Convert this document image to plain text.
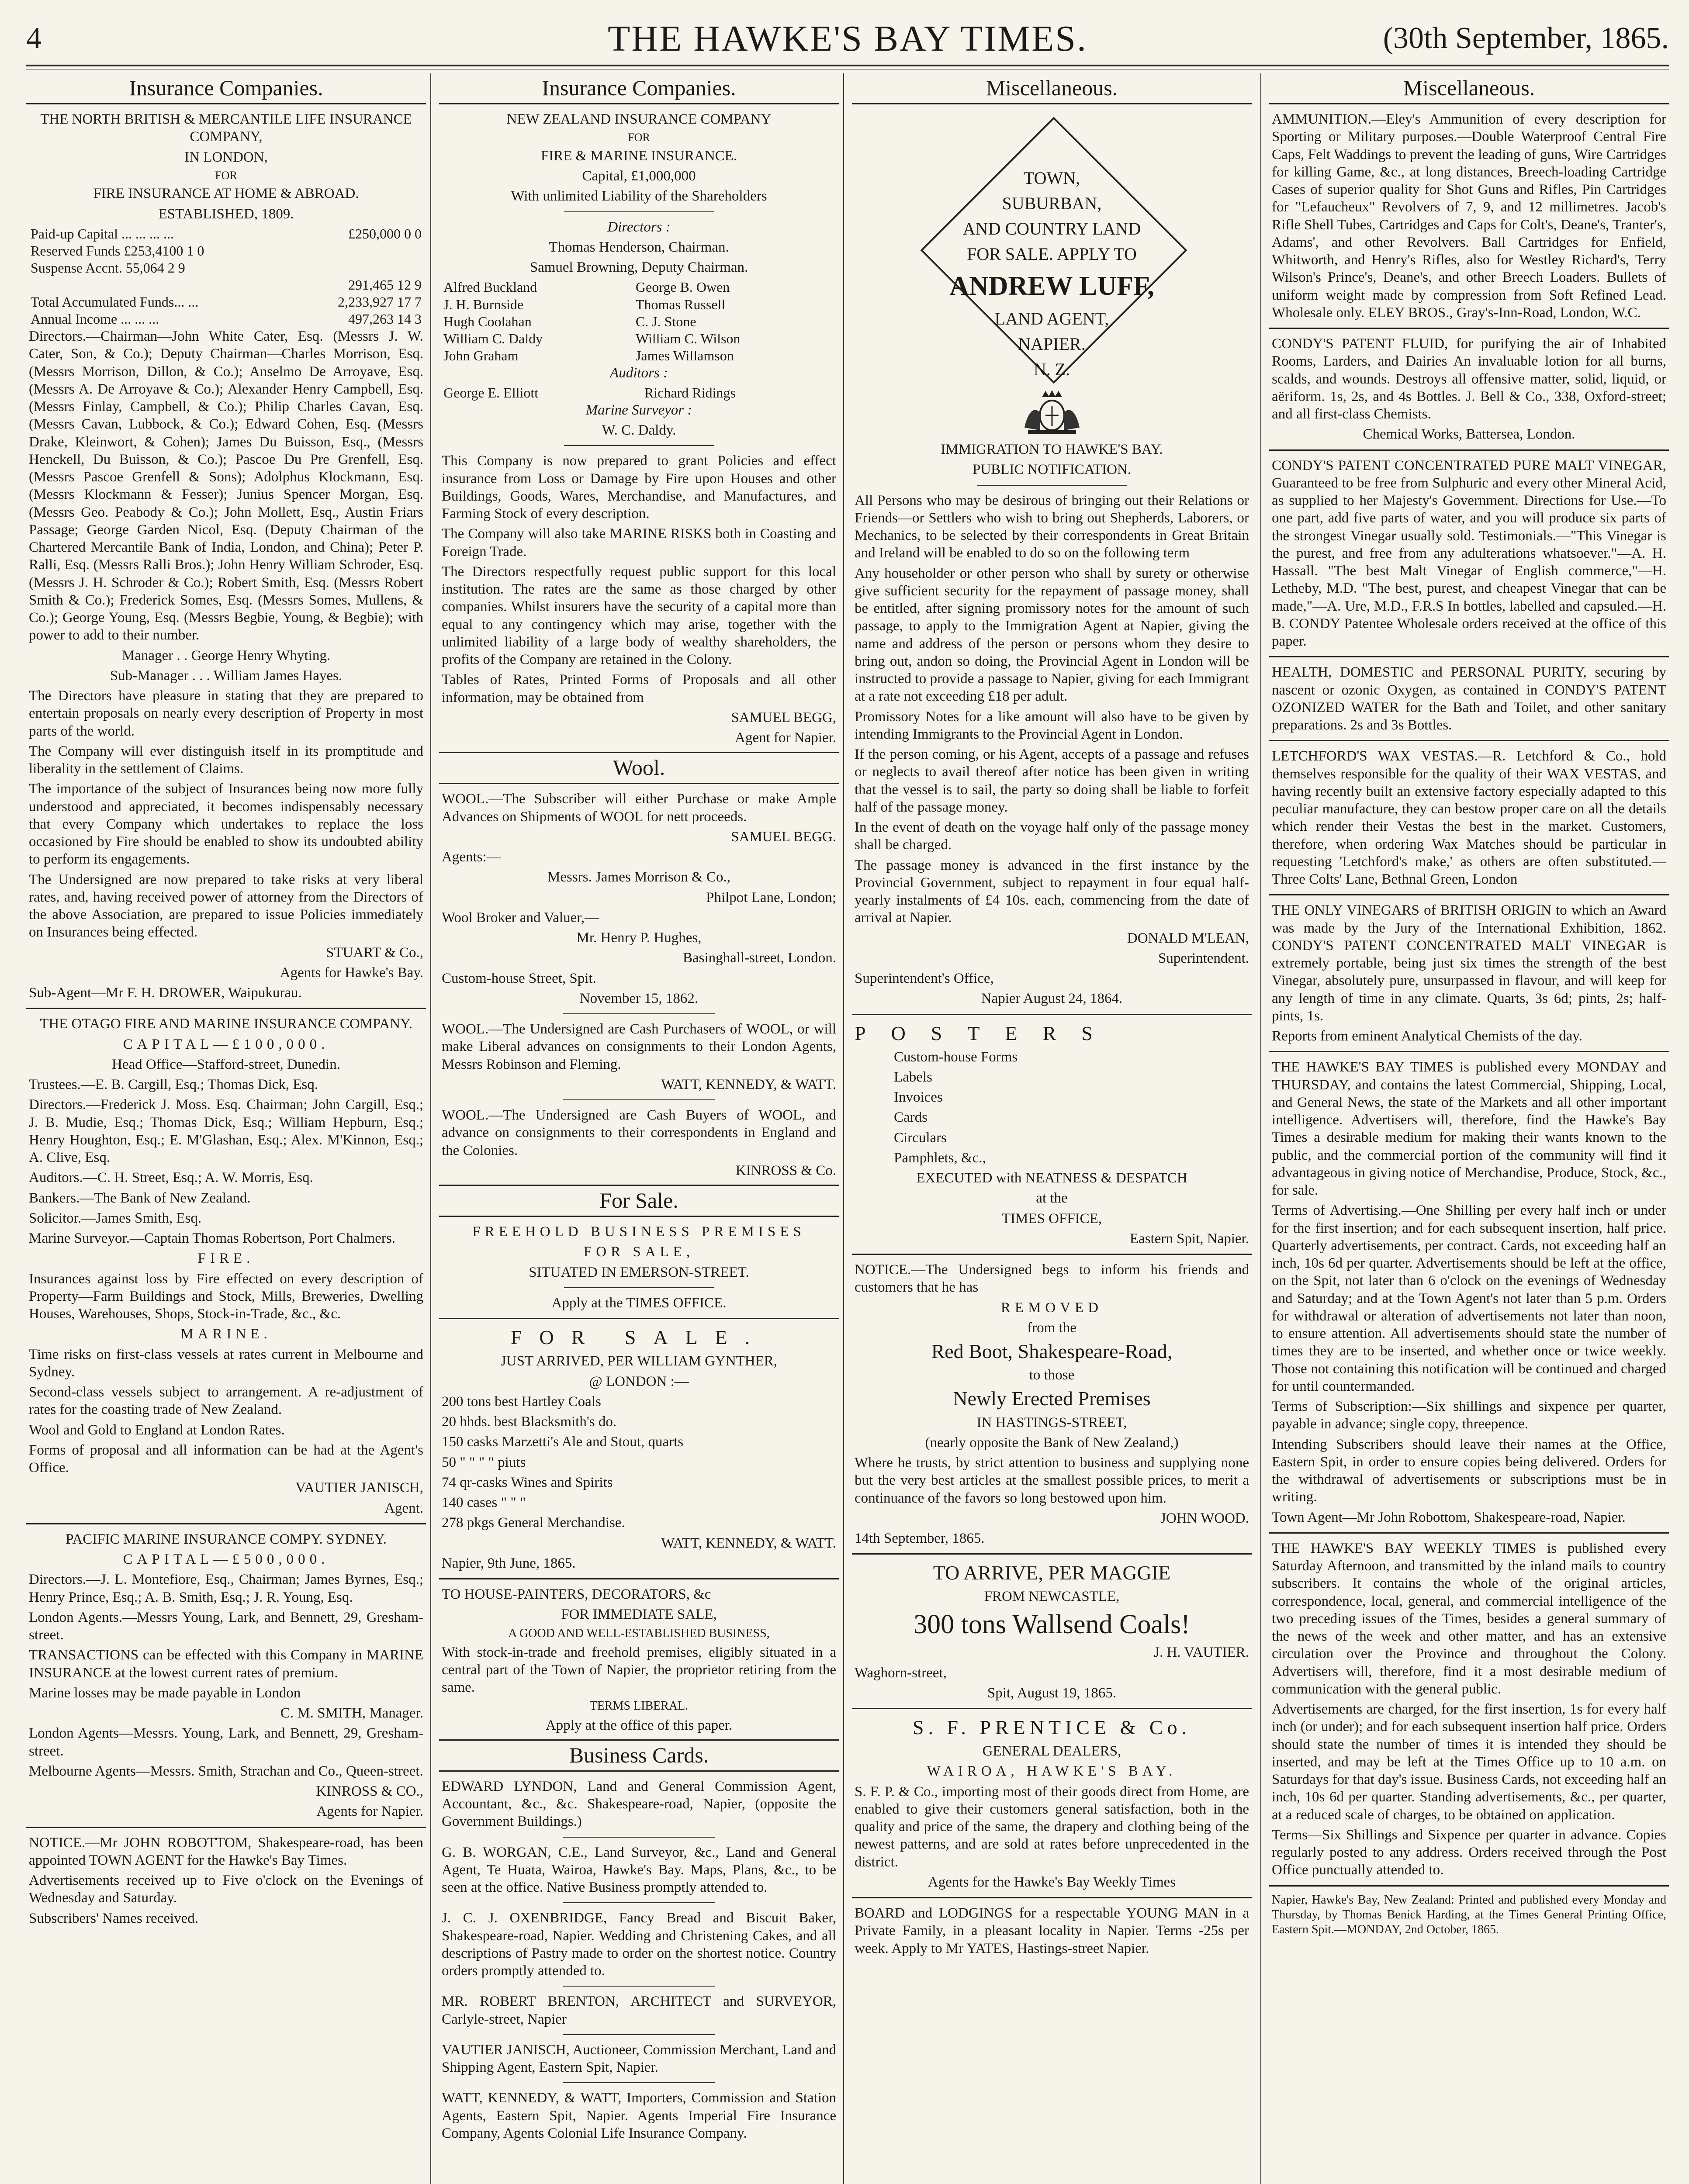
4	THE HAWKE'S BAY TIMES.	(30th September, 1865.
Insurance Companies.

THE NORTH BRITISH & MERCANTILE LIFE INSURANCE COMPANY,

IN LONDON,

FOR

FIRE INSURANCE AT HOME & ABROAD.

ESTABLISHED, 1809.

Paid-up Capital ... ... ... ...	£250,000 0 0
Reserved Funds £253,4100 1 0	
Suspense Accnt. 55,064 2 9	
	291,465 12 9
Total Accumulated Funds... ...	2,233,927 17 7
Annual Income ... ... ...	497,263 14 3

Directors.—Chairman—John White Cater, Esq. (Messrs J. W. Cater, Son, & Co.); Deputy Chairman—Charles Morrison, Esq. (Messrs Morrison, Dillon, & Co.); Anselmo De Arroyave, Esq. (Messrs A. De Arroyave & Co.); Alexander Henry Campbell, Esq. (Messrs Finlay, Campbell, & Co.); Philip Charles Cavan, Esq. (Messrs Cavan, Lubbock, & Co.); Edward Cohen, Esq. (Messrs Drake, Kleinwort, & Cohen); James Du Buisson, Esq., (Messrs Henckell, Du Buisson, & Co.); Pascoe Du Pre Grenfell, Esq. (Messrs Pascoe Grenfell & Sons); Adolphus Klockmann, Esq. (Messrs Klockmann & Fesser); Junius Spencer Morgan, Esq. (Messrs Geo. Peabody & Co.); John Mollett, Esq., Austin Friars Passage; George Garden Nicol, Esq. (Deputy Chairman of the Chartered Mercantile Bank of India, London, and China); Peter P. Ralli, Esq. (Messrs Ralli Bros.); John Henry William Schroder, Esq. (Messrs J. H. Schroder & Co.); Robert Smith, Esq. (Messrs Robert Smith & Co.); Frederick Somes, Esq. (Messrs Somes, Mullens, & Co.); George Young, Esq. (Messrs Begbie, Young, & Begbie); with power to add to their number.

Manager . . George Henry Whyting.

Sub-Manager . . . William James Hayes.

The Directors have pleasure in stating that they are prepared to entertain proposals on nearly every description of Property in most parts of the world.

The Company will ever distinguish itself in its promptitude and liberality in the settlement of Claims.

The importance of the subject of Insurances being now more fully understood and appreciated, it becomes indispensably necessary that every Company which undertakes to replace the loss occasioned by Fire should be enabled to show its undoubted ability to perform its engagements.

The Undersigned are now prepared to take risks at very liberal rates, and, having received power of attorney from the Directors of the above Association, are prepared to issue Policies immediately on Insurances being effected.

STUART & Co.,

Agents for Hawke's Bay.

Sub-Agent—Mr F. H. DROWER, Waipukurau.

THE OTAGO FIRE AND MARINE INSURANCE COMPANY.

CAPITAL—£100,000.

Head Office—Stafford-street, Dunedin.

Trustees.—E. B. Cargill, Esq.; Thomas Dick, Esq.

Directors.—Frederick J. Moss. Esq. Chairman; John Cargill, Esq.; J. B. Mudie, Esq.; Thomas Dick, Esq.; William Hepburn, Esq.; Henry Houghton, Esq.; E. M'Glashan, Esq.; Alex. M'Kinnon, Esq.; A. Clive, Esq.

Auditors.—C. H. Street, Esq.; A. W. Morris, Esq.

Bankers.—The Bank of New Zealand.

Solicitor.—James Smith, Esq.

Marine Surveyor.—Captain Thomas Robertson, Port Chalmers.

FIRE.

Insurances against loss by Fire effected on every description of Property—Farm Buildings and Stock, Mills, Breweries, Dwelling Houses, Warehouses, Shops, Stock-in-Trade, &c., &c.

MARINE.

Time risks on first-class vessels at rates current in Melbourne and Sydney.

Second-class vessels subject to arrangement. A re-adjustment of rates for the coasting trade of New Zealand.

Wool and Gold to England at London Rates.

Forms of proposal and all information can be had at the Agent's Office.

VAUTIER JANISCH,

Agent.

PACIFIC MARINE INSURANCE COMPY. SYDNEY.

CAPITAL—£500,000.

Directors.—J. L. Montefiore, Esq., Chairman; James Byrnes, Esq.; Henry Prince, Esq.; A. B. Smith, Esq.; J. R. Young, Esq.

London Agents.—Messrs Young, Lark, and Bennett, 29, Gresham-street.

TRANSACTIONS can be effected with this Company in MARINE INSURANCE at the lowest current rates of premium.

Marine losses may be made payable in London

C. M. SMITH, Manager.

London Agents—Messrs. Young, Lark, and Bennett, 29, Gresham-street.

Melbourne Agents—Messrs. Smith, Strachan and Co., Queen-street.

KINROSS & CO.,

Agents for Napier.

NOTICE.—Mr JOHN ROBOTTOM, Shakespeare-road, has been appointed TOWN AGENT for the Hawke's Bay Times.

Advertisements received up to Five o'clock on the Evenings of Wednesday and Saturday.

Subscribers' Names received.

Insurance Companies.

NEW ZEALAND INSURANCE COMPANY

FOR

FIRE & MARINE INSURANCE.

Capital, £1,000,000

With unlimited Liability of the Shareholders

Directors :

Thomas Henderson, Chairman.

Samuel Browning, Deputy Chairman.

Alfred Buckland	George B. Owen
J. H. Burnside	Thomas Russell
Hugh Coolahan	C. J. Stone
William C. Daldy	William C. Wilson
John Graham	James Willamson

Auditors :

George E. Elliott	Richard Ridings

Marine Surveyor :

W. C. Daldy.

This Company is now prepared to grant Policies and effect insurance from Loss or Damage by Fire upon Houses and other Buildings, Goods, Wares, Merchandise, and Manufactures, and Farming Stock of every description.

The Company will also take MARINE RISKS both in Coasting and Foreign Trade.

The Directors respectfully request public support for this local institution. The rates are the same as those charged by other companies. Whilst insurers have the security of a capital more than equal to any contingency which may arise, together with the unlimited liability of a large body of wealthy shareholders, the profits of the Company are retained in the Colony.

Tables of Rates, Printed Forms of Proposals and all other information, may be obtained from

SAMUEL BEGG,

Agent for Napier.

Wool.

WOOL.—The Subscriber will either Purchase or make Ample Advances on Shipments of WOOL for nett proceeds.

SAMUEL BEGG.

Agents:—

Messrs. James Morrison & Co.,

Philpot Lane, London;

Wool Broker and Valuer,—

Mr. Henry P. Hughes,

Basinghall-street, London.

Custom-house Street, Spit.

November 15, 1862.

WOOL.—The Undersigned are Cash Purchasers of WOOL, or will make Liberal advances on consignments to their London Agents, Messrs Robinson and Fleming.

WATT, KENNEDY, & WATT.

WOOL.—The Undersigned are Cash Buyers of WOOL, and advance on consignments to their correspondents in England and the Colonies.

KINROSS & Co.

For Sale.

FREEHOLD BUSINESS PREMISES

FOR SALE,

SITUATED IN EMERSON-STREET.

Apply at the TIMES OFFICE.

FOR SALE.

JUST ARRIVED, PER WILLIAM GYNTHER,

@ LONDON :—

200 tons best Hartley Coals

20 hhds. best Blacksmith's do.

150 casks Marzetti's Ale and Stout, quarts

50 " " " " piuts

74 qr-casks Wines and Spirits

140 cases " " "

278 pkgs General Merchandise.

WATT, KENNEDY, & WATT.

Napier, 9th June, 1865.

TO HOUSE-PAINTERS, DECORATORS, &c

FOR IMMEDIATE SALE,

A GOOD AND WELL-ESTABLISHED BUSINESS,

With stock-in-trade and freehold premises, eligibly situated in a central part of the Town of Napier, the proprietor retiring from the same.

TERMS LIBERAL.

Apply at the office of this paper.

Business Cards.

EDWARD LYNDON, Land and General Commission Agent, Accountant, &c., &c. Shakespeare-road, Napier, (opposite the Government Buildings.)

G. B. WORGAN, C.E., Land Surveyor, &c., Land and General Agent, Te Huata, Wairoa, Hawke's Bay. Maps, Plans, &c., to be seen at the office. Native Business promptly attended to.

J. C. J. OXENBRIDGE, Fancy Bread and Biscuit Baker, Shakespeare-road, Napier. Wedding and Christening Cakes, and all descriptions of Pastry made to order on the shortest notice. Country orders promptly attended to.

MR. ROBERT BRENTON, ARCHITECT and SURVEYOR, Carlyle-street, Napier

VAUTIER JANISCH, Auctioneer, Commission Merchant, Land and Shipping Agent, Eastern Spit, Napier.

WATT, KENNEDY, & WATT, Importers, Commission and Station Agents, Eastern Spit, Napier. Agents Imperial Fire Insurance Company, Agents Colonial Life Insurance Company.

Miscellaneous.
TOWN,
SUBURBAN,
AND COUNTRY LAND
FOR SALE. APPLY TO
ANDREW LUFF,
LAND AGENT,
NAPIER.
N. Z.

IMMIGRATION TO HAWKE'S BAY.

PUBLIC NOTIFICATION.

All Persons who may be desirous of bringing out their Relations or Friends—or Settlers who wish to bring out Shepherds, Laborers, or Mechanics, to be selected by their correspondents in Great Britain and Ireland will be enabled to do so on the following term

Any householder or other person who shall by surety or otherwise give sufficient security for the repayment of passage money, shall be entitled, after signing promissory notes for the amount of such passage, to apply to the Immigration Agent at Napier, giving the name and address of the person or persons whom they desire to bring out, andon so doing, the Provincial Agent in London will be instructed to provide a passage to Napier, giving for each Immigrant at a rate not exceeding £18 per adult.

Promissory Notes for a like amount will also have to be given by intending Immigrants to the Provincial Agent in London.

If the person coming, or his Agent, accepts of a passage and refuses or neglects to avail thereof after notice has been given in writing that the vessel is to sail, the party so doing shall be liable to forfeit half of the passage money.

In the event of death on the voyage half only of the passage money shall be charged.

The passage money is advanced in the first instance by the Provincial Government, subject to repayment in four equal half-yearly instalments of £4 10s. each, commencing from the date of arrival at Napier.

DONALD M'LEAN,

Superintendent.

Superintendent's Office,

Napier August 24, 1864.

POSTERS

Custom-house Forms

Labels

Invoices

Cards

Circulars

Pamphlets, &c.,

EXECUTED with NEATNESS & DESPATCH

at the

TIMES OFFICE,

Eastern Spit, Napier.

NOTICE.—The Undersigned begs to inform his friends and customers that he has

REMOVED

from the

Red Boot, Shakespeare-Road,

to those

Newly Erected Premises

IN HASTINGS-STREET,

(nearly opposite the Bank of New Zealand,)

Where he trusts, by strict attention to business and supplying none but the very best articles at the smallest possible prices, to merit a continuance of the favors so long bestowed upon him.

JOHN WOOD.

14th September, 1865.

TO ARRIVE, PER MAGGIE

FROM NEWCASTLE,

300 tons Wallsend Coals!

J. H. VAUTIER.

Waghorn-street,

Spit, August 19, 1865.

S. F. PRENTICE & Co.

GENERAL DEALERS,

WAIROA, HAWKE'S BAY.

S. F. P. & Co., importing most of their goods direct from Home, are enabled to give their customers general satisfaction, both in the quality and price of the same, the drapery and clothing being of the newest patterns, and are sold at rates before unprecedented in the district.

Agents for the Hawke's Bay Weekly Times

BOARD and LODGINGS for a respectable YOUNG MAN in a Private Family, in a pleasant locality in Napier. Terms -25s per week. Apply to Mr YATES, Hastings-street Napier.

Miscellaneous.

AMMUNITION.—Eley's Ammunition of every description for Sporting or Military purposes.—Double Waterproof Central Fire Caps, Felt Waddings to prevent the leading of guns, Wire Cartridges for killing Game, &c., at long distances, Breech-loading Cartridge Cases of superior quality for Shot Guns and Rifles, Pin Cartridges for "Lefaucheux" Revolvers of 7, 9, and 12 millimetres. Jacob's Rifle Shell Tubes, Cartridges and Caps for Colt's, Deane's, Tranter's, Adams', and other Revolvers. Ball Cartridges for Enfield, Whitworth, and Henry's Rifles, also for Westley Richard's, Terry Wilson's Prince's, Deane's, and other Breech Loaders. Bullets of uniform weight made by compression from Soft Refined Lead. Wholesale only. ELEY BROS., Gray's-Inn-Road, London, W.C.

CONDY'S PATENT FLUID, for purifying the air of Inhabited Rooms, Larders, and Dairies An invaluable lotion for all burns, scalds, and wounds. Destroys all offensive matter, solid, liquid, or aëriform. 1s, 2s, and 4s Bottles. J. Bell & Co., 338, Oxford-street; and all first-class Chemists.

Chemical Works, Battersea, London.

CONDY'S PATENT CONCENTRATED PURE MALT VINEGAR, Guaranteed to be free from Sulphuric and every other Mineral Acid, as supplied to her Majesty's Government. Directions for Use.—To one part, add five parts of water, and you will produce six parts of the strongest Vinegar usually sold. Testimonials.—"This Vinegar is the purest, and free from any adulterations whatsoever."—A. H. Hassall. "The best Malt Vinegar of English commerce,"—H. Letheby, M.D. "The best, purest, and cheapest Vinegar that can be made,"—A. Ure, M.D., F.R.S In bottles, labelled and capsuled.—H. B. CONDY Patentee Wholesale orders received at the office of this paper.

HEALTH, DOMESTIC and PERSONAL PURITY, securing by nascent or ozonic Oxygen, as contained in CONDY'S PATENT OZONIZED WATER for the Bath and Toilet, and other sanitary preparations. 2s and 3s Bottles.

LETCHFORD'S WAX VESTAS.—R. Letchford & Co., hold themselves responsible for the quality of their WAX VESTAS, and having recently built an extensive factory especially adapted to this peculiar manufacture, they can bestow proper care on all the details which render their Vestas the best in the market. Customers, therefore, when ordering Wax Matches should be particular in requesting 'Letchford's make,' as others are often substituted.—Three Colts' Lane, Bethnal Green, London

THE ONLY VINEGARS of BRITISH ORIGIN to which an Award was made by the Jury of the International Exhibition, 1862. CONDY'S PATENT CONCENTRATED MALT VINEGAR is extremely portable, being just six times the strength of the best Vinegar, absolutely pure, unsurpassed in flavour, and will keep for any length of time in any climate. Quarts, 3s 6d; pints, 2s; half-pints, 1s.

Reports from eminent Analytical Chemists of the day.

THE HAWKE'S BAY TIMES is published every MONDAY and THURSDAY, and contains the latest Commercial, Shipping, Local, and General News, the state of the Markets and all other important intelligence. Advertisers will, therefore, find the Hawke's Bay Times a desirable medium for making their wants known to the public, and the commercial portion of the community will find it advantageous in giving notice of Merchandise, Produce, Stock, &c., for sale.

Terms of Advertising.—One Shilling per every half inch or under for the first insertion; and for each subsequent insertion, half price. Quarterly advertisements, per contract. Cards, not exceeding half an inch, 10s 6d per quarter. Advertisements should be left at the office, on the Spit, not later than 6 o'clock on the evenings of Wednesday and Saturday; and at the Town Agent's not later than 5 p.m. Orders for withdrawal or alteration of advertisements not later than noon, to ensure attention. All advertisements should state the number of times they are to be inserted, and whether once or twice weekly. Those not containing this notification will be continued and charged for until countermanded.

Terms of Subscription:—Six shillings and sixpence per quarter, payable in advance; single copy, threepence.

Intending Subscribers should leave their names at the Office, Eastern Spit, in order to ensure copies being delivered. Orders for the withdrawal of advertisements or subscriptions must be in writing.

Town Agent—Mr John Robottom, Shakespeare-road, Napier.

THE HAWKE'S BAY WEEKLY TIMES is published every Saturday Afternoon, and transmitted by the inland mails to country subscribers. It contains the whole of the original articles, correspondence, local, general, and commercial intelligence of the two preceding issues of the Times, besides a general summary of the news of the week and other matter, and has an extensive circulation over the Province and throughout the Colony. Advertisers will, therefore, find it a most desirable medium of communication with the general public.

Advertisements are charged, for the first insertion, 1s for every half inch (or under); and for each subsequent insertion half price. Orders should state the number of times it is intended they should be inserted, and may be left at the Times Office up to 10 a.m. on Saturdays for that day's issue. Business Cards, not exceeding half an inch, 10s 6d per quarter. Standing advertisements, &c., per quarter, at a reduced scale of charges, to be obtained on application.

Terms—Six Shillings and Sixpence per quarter in advance. Copies regularly posted to any address. Orders received through the Post Office punctually attended to.

Napier, Hawke's Bay, New Zealand: Printed and published every Monday and Thursday, by Thomas Benick Harding, at the Times General Printing Office, Eastern Spit.—MONDAY, 2nd October, 1865.
